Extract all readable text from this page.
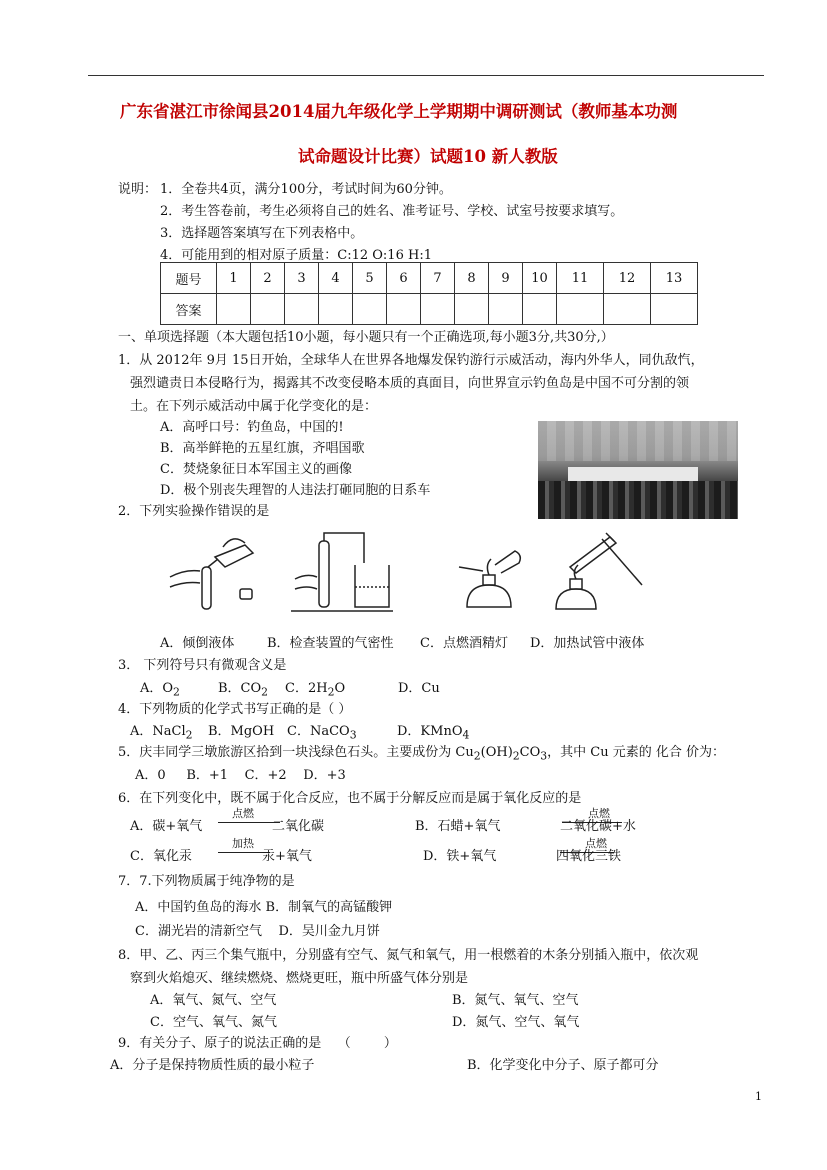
广东省湛江市徐闻县2014届九年级化学上学期期中调研测试（教师基本功测
试命题设计比赛）试题10 新人教版
说明： 1．全卷共4页，满分100分，考试时间为60分钟。
2．考生答卷前，考生必须将自己的姓名、准考证号、学校、试室号按要求填写。
3．选择题答案填写在下列表格中。
4．可能用到的相对原子质量：C:12 O:16 H:1
题号	1	2	3	4	5	6	7	8	9	10	11	12	13
答案													
一、单项选择题（本大题包括10小题，每小题只有一个正确选项,每小题3分,共30分,）
1．从 2012年 9月 15日开始，全球华人在世界各地爆发保钓游行示威活动，海内外华人，同仇敌忾，
强烈谴责日本侵略行为，揭露其不改变侵略本质的真面目，向世界宣示钓鱼岛是中国不可分割的领
土。在下列示威活动中属于化学变化的是：
A．高呼口号：钓鱼岛，中国的!
B．高举鲜艳的五星红旗，齐唱国歌
C．焚烧象征日本军国主义的画像
D．极个别丧失理智的人违法打砸同胞的日系车
2．下列实验操作错误的是
A．倾倒液体	B．检查装置的气密性 C．点燃酒精灯 D．加热试管中液体
3． 下列符号只有微观含义是
A．$O_2$	B．$CO_2$ C．$2H_2O$	D．Cu
4．下列物质的化学式书写正确的是（ ）
A．NaCl$_2$ B．MgOH C．NaCO$_3$	D．KMnO$_4$
5．庆丰同学三墩旅游区拾到一块浅绿色石头。主要成份为 $Cu_2(OH)_2CO_3$，其中 Cu 元素的 化合 价为：
A．0     B．+1    C．+2    D．+3
6．在下列变化中，既不属于化合反应，也不属于分解反应而是属于氧化反应的是
A．碳+氧气
点燃
二氧化碳	B．石蜡+氧气
点燃
二氧化碳+水
C．氧化汞
加热
汞+氧气	D．铁+氧气
点燃
四氧化三铁
7．7.下列物质属于纯净物的是
A．中国钓鱼岛的海水 B．制氧气的高锰酸钾
C．湖光岩的清新空气    D．吴川金九月饼
8．甲、乙、丙三个集气瓶中，分别盛有空气、氮气和氧气，用一根燃着的木条分别插入瓶中，依次观
察到火焰熄灭、继续燃烧、燃烧更旺，瓶中所盛气体分别是
A．氧气、氮气、空气	B．氮气、氧气、空气
C．空气、氧气、氮气	D．氮气、空气、氧气
9．有关分子、原子的说法正确的是    （        ）
A．分子是保持物质性质的最小粒子	B．化学变化中分子、原子都可分
1
